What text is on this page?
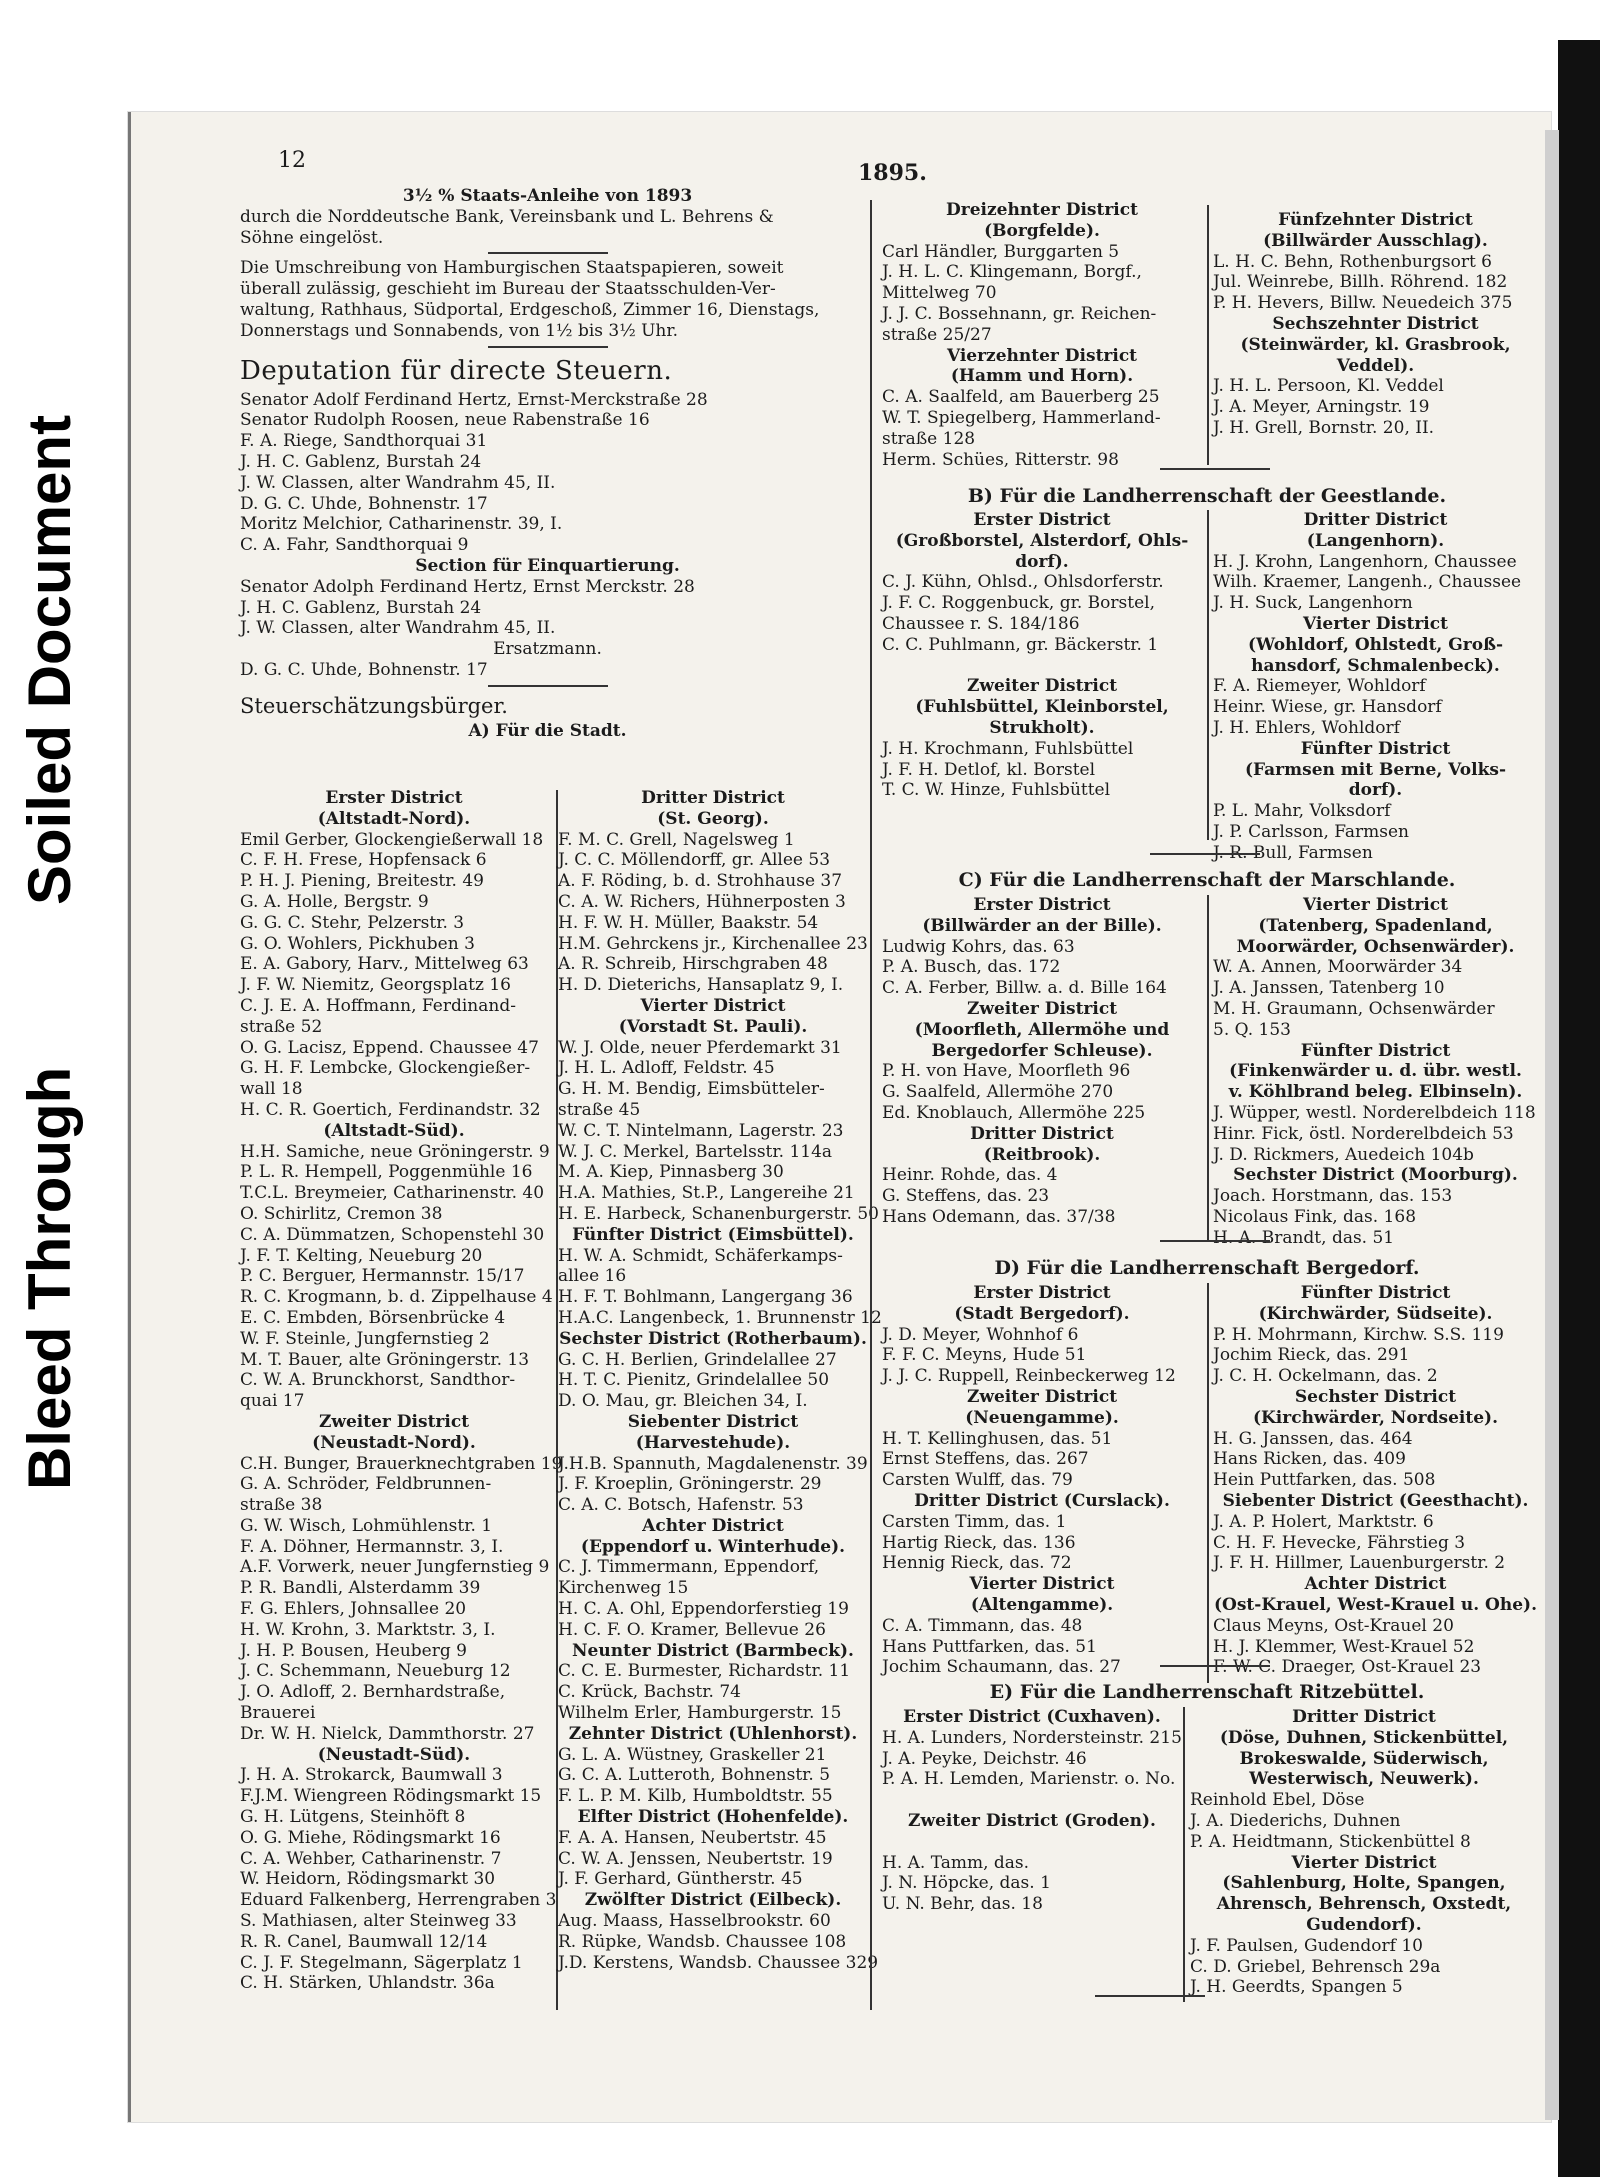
Bleed Through
Soiled Document
12	1895.

3½ % Staats-Anleihe von 1893

durch die Norddeutsche Bank, Vereinsbank und L. Behrens &

Söhne eingelöst.

Die Umschreibung von Hamburgischen Staatspapieren, soweit

überall zulässig, geschieht im Bureau der Staatsschulden-Ver-

waltung, Rathhaus, Südportal, Erdgeschoß, Zimmer 16, Dienstags,

Donnerstags und Sonnabends, von 1½ bis 3½ Uhr.

Deputation für directe Steuern.

Senator Adolf Ferdinand Hertz, Ernst-Merckstraße 28

Senator Rudolph Roosen, neue Rabenstraße 16

F. A. Riege, Sandthorquai 31

J. H. C. Gablenz, Burstah 24

J. W. Classen, alter Wandrahm 45, II.

D. G. C. Uhde, Bohnenstr. 17

Moritz Melchior, Catharinenstr. 39, I.

C. A. Fahr, Sandthorquai 9

Section für Einquartierung.

Senator Adolph Ferdinand Hertz, Ernst Merckstr. 28

J. H. C. Gablenz, Burstah 24

J. W. Classen, alter Wandrahm 45, II.

Ersatzmann.

D. G. C. Uhde, Bohnenstr. 17

Steuerschätzungsbürger.

A) Für die Stadt.

Erster District

(Altstadt-Nord).

Emil Gerber, Glockengießerwall 18

C. F. H. Frese, Hopfensack 6

P. H. J. Piening, Breitestr. 49

G. A. Holle, Bergstr. 9

G. G. C. Stehr, Pelzerstr. 3

G. O. Wohlers, Pickhuben 3

E. A. Gabory, Harv., Mittelweg 63

J. F. W. Niemitz, Georgsplatz 16

C. J. E. A. Hoffmann, Ferdinand-

straße 52

O. G. Lacisz, Eppend. Chaussee 47

G. H. F. Lembcke, Glockengießer-

wall 18

H. C. R. Goertich, Ferdinandstr. 32

(Altstadt-Süd).

H.H. Samiche, neue Gröningerstr. 9

P. L. R. Hempell, Poggenmühle 16

T.C.L. Breymeier, Catharinenstr. 40

O. Schirlitz, Cremon 38

C. A. Dümmatzen, Schopenstehl 30

J. F. T. Kelting, Neueburg 20

P. C. Berguer, Hermannstr. 15/17

R. C. Krogmann, b. d. Zippelhause 4

E. C. Embden, Börsenbrücke 4

W. F. Steinle, Jungfernstieg 2

M. T. Bauer, alte Gröningerstr. 13

C. W. A. Brunckhorst, Sandthor-

quai 17

Zweiter District

(Neustadt-Nord).

C.H. Bunger, Brauerknechtgraben 19

G. A. Schröder, Feldbrunnen-

straße 38

G. W. Wisch, Lohmühlenstr. 1

F. A. Döhner, Hermannstr. 3, I.

A.F. Vorwerk, neuer Jungfernstieg 9

P. R. Bandli, Alsterdamm 39

F. G. Ehlers, Johnsallee 20

H. W. Krohn, 3. Marktstr. 3, I.

J. H. P. Bousen, Heuberg 9

J. C. Schemmann, Neueburg 12

J. O. Adloff, 2. Bernhardstraße,

Brauerei

Dr. W. H. Nielck, Dammthorstr. 27

(Neustadt-Süd).

J. H. A. Strokarck, Baumwall 3

F.J.M. Wiengreen Rödingsmarkt 15

G. H. Lütgens, Steinhöft 8

O. G. Miehe, Rödingsmarkt 16

C. A. Wehber, Catharinenstr. 7

W. Heidorn, Rödingsmarkt 30

Eduard Falkenberg, Herrengraben 3

S. Mathiasen, alter Steinweg 33

R. R. Canel, Baumwall 12/14

C. J. F. Stegelmann, Sägerplatz 1

C. H. Stärken, Uhlandstr. 36a

Dritter District

(St. Georg).

F. M. C. Grell, Nagelsweg 1

J. C. C. Möllendorff, gr. Allee 53

A. F. Röding, b. d. Strohhause 37

C. A. W. Richers, Hühnerposten 3

H. F. W. H. Müller, Baakstr. 54

H.M. Gehrckens jr., Kirchenallee 23

A. R. Schreib, Hirschgraben 48

H. D. Dieterichs, Hansaplatz 9, I.

Vierter District

(Vorstadt St. Pauli).

W. J. Olde, neuer Pferdemarkt 31

J. H. L. Adloff, Feldstr. 45

G. H. M. Bendig, Eimsbütteler-

straße 45

W. C. T. Nintelmann, Lagerstr. 23

W. J. C. Merkel, Bartelsstr. 114a

M. A. Kiep, Pinnasberg 30

H.A. Mathies, St.P., Langereihe 21

H. E. Harbeck, Schanenburgerstr. 50

Fünfter District (Eimsbüttel).

H. W. A. Schmidt, Schäferkamps-

allee 16

H. F. T. Bohlmann, Langergang 36

H.A.C. Langenbeck, 1. Brunnenstr 12

Sechster District (Rotherbaum).

G. C. H. Berlien, Grindelallee 27

H. T. C. Pienitz, Grindelallee 50

D. O. Mau, gr. Bleichen 34, I.

Siebenter District

(Harvestehude).

J.H.B. Spannuth, Magdalenenstr. 39

J. F. Kroeplin, Gröningerstr. 29

C. A. C. Botsch, Hafenstr. 53

Achter District

(Eppendorf u. Winterhude).

C. J. Timmermann, Eppendorf,

Kirchenweg 15

H. C. A. Ohl, Eppendorferstieg 19

H. C. F. O. Kramer, Bellevue 26

Neunter District (Barmbeck).

C. C. E. Burmester, Richardstr. 11

C. Krück, Bachstr. 74

Wilhelm Erler, Hamburgerstr. 15

Zehnter District (Uhlenhorst).

G. L. A. Wüstney, Graskeller 21

G. C. A. Lutteroth, Bohnenstr. 5

F. L. P. M. Kilb, Humboldtstr. 55

Elfter District (Hohenfelde).

F. A. A. Hansen, Neubertstr. 45

C. W. A. Jenssen, Neubertstr. 19

J. F. Gerhard, Güntherstr. 45

Zwölfter District (Eilbeck).

Aug. Maass, Hasselbrookstr. 60

R. Rüpke, Wandsb. Chaussee 108

J.D. Kerstens, Wandsb. Chaussee 329

Dreizehnter District

(Borgfelde).

Carl Händler, Burggarten 5

J. H. L. C. Klingemann, Borgf.,

Mittelweg 70

J. J. C. Bossehnann, gr. Reichen-

straße 25/27

Vierzehnter District

(Hamm und Horn).

C. A. Saalfeld, am Bauerberg 25

W. T. Spiegelberg, Hammerland-

straße 128

Herm. Schües, Ritterstr. 98

Fünfzehnter District

(Billwärder Ausschlag).

L. H. C. Behn, Rothenburgsort 6

Jul. Weinrebe, Billh. Röhrend. 182

P. H. Hevers, Billw. Neuedeich 375

Sechszehnter District

(Steinwärder, kl. Grasbrook,

Veddel).

J. H. L. Persoon, Kl. Veddel

J. A. Meyer, Arningstr. 19

J. H. Grell, Bornstr. 20, II.

B) Für die Landherrenschaft der Geestlande.

Erster District

(Großborstel, Alsterdorf, Ohls-

dorf).

C. J. Kühn, Ohlsd., Ohlsdorferstr.

J. F. C. Roggenbuck, gr. Borstel,

Chaussee r. S. 184/186

C. C. Puhlmann, gr. Bäckerstr. 1

Zweiter District

(Fuhlsbüttel, Kleinborstel,

Strukholt).

J. H. Krochmann, Fuhlsbüttel

J. F. H. Detlof, kl. Borstel

T. C. W. Hinze, Fuhlsbüttel

Dritter District

(Langenhorn).

H. J. Krohn, Langenhorn, Chaussee

Wilh. Kraemer, Langenh., Chaussee

J. H. Suck, Langenhorn

Vierter District

(Wohldorf, Ohlstedt, Groß-

hansdorf, Schmalenbeck).

F. A. Riemeyer, Wohldorf

Heinr. Wiese, gr. Hansdorf

J. H. Ehlers, Wohldorf

Fünfter District

(Farmsen mit Berne, Volks-

dorf).

P. L. Mahr, Volksdorf

J. P. Carlsson, Farmsen

J. R. Bull, Farmsen

C) Für die Landherrenschaft der Marschlande.

Erster District

(Billwärder an der Bille).

Ludwig Kohrs, das. 63

P. A. Busch, das. 172

C. A. Ferber, Billw. a. d. Bille 164

Zweiter District

(Moorfleth, Allermöhe und

Bergedorfer Schleuse).

P. H. von Have, Moorfleth 96

G. Saalfeld, Allermöhe 270

Ed. Knoblauch, Allermöhe 225

Dritter District

(Reitbrook).

Heinr. Rohde, das. 4

G. Steffens, das. 23

Hans Odemann, das. 37/38

Vierter District

(Tatenberg, Spadenland,

Moorwärder, Ochsenwärder).

W. A. Annen, Moorwärder 34

J. A. Janssen, Tatenberg 10

M. H. Graumann, Ochsenwärder

5. Q. 153

Fünfter District

(Finkenwärder u. d. übr. westl.

v. Köhlbrand beleg. Elbinseln).

J. Wüpper, westl. Norderelbdeich 118

Hinr. Fick, östl. Norderelbdeich 53

J. D. Rickmers, Auedeich 104b

Sechster District (Moorburg).

Joach. Horstmann, das. 153

Nicolaus Fink, das. 168

H. A. Brandt, das. 51

D) Für die Landherrenschaft Bergedorf.

Erster District

(Stadt Bergedorf).

J. D. Meyer, Wohnhof 6

F. F. C. Meyns, Hude 51

J. J. C. Ruppell, Reinbeckerweg 12

Zweiter District

(Neuengamme).

H. T. Kellinghusen, das. 51

Ernst Steffens, das. 267

Carsten Wulff, das. 79

Dritter District (Curslack).

Carsten Timm, das. 1

Hartig Rieck, das. 136

Hennig Rieck, das. 72

Vierter District

(Altengamme).

C. A. Timmann, das. 48

Hans Puttfarken, das. 51

Jochim Schaumann, das. 27

Fünfter District

(Kirchwärder, Südseite).

P. H. Mohrmann, Kirchw. S.S. 119

Jochim Rieck, das. 291

J. C. H. Ockelmann, das. 2

Sechster District

(Kirchwärder, Nordseite).

H. G. Janssen, das. 464

Hans Ricken, das. 409

Hein Puttfarken, das. 508

Siebenter District (Geesthacht).

J. A. P. Holert, Marktstr. 6

C. H. F. Hevecke, Fährstieg 3

J. F. H. Hillmer, Lauenburgerstr. 2

Achter District

(Ost-Krauel, West-Krauel u. Ohe).

Claus Meyns, Ost-Krauel 20

H. J. Klemmer, West-Krauel 52

F. W. C. Draeger, Ost-Krauel 23

E) Für die Landherrenschaft Ritzebüttel.

Erster District (Cuxhaven).

H. A. Lunders, Nordersteinstr. 215

J. A. Peyke, Deichstr. 46

P. A. H. Lemden, Marienstr. o. No.

Zweiter District (Groden).

H. A. Tamm, das.

J. N. Höpcke, das. 1

U. N. Behr, das. 18

Dritter District

(Döse, Duhnen, Stickenbüttel,

Brokeswalde, Süderwisch,

Westerwisch, Neuwerk).

Reinhold Ebel, Döse

J. A. Diederichs, Duhnen

P. A. Heidtmann, Stickenbüttel 8

Vierter District

(Sahlenburg, Holte, Spangen,

Ahrensch, Behrensch, Oxstedt,

Gudendorf).

J. F. Paulsen, Gudendorf 10

C. D. Griebel, Behrensch 29a

J. H. Geerdts, Spangen 5
